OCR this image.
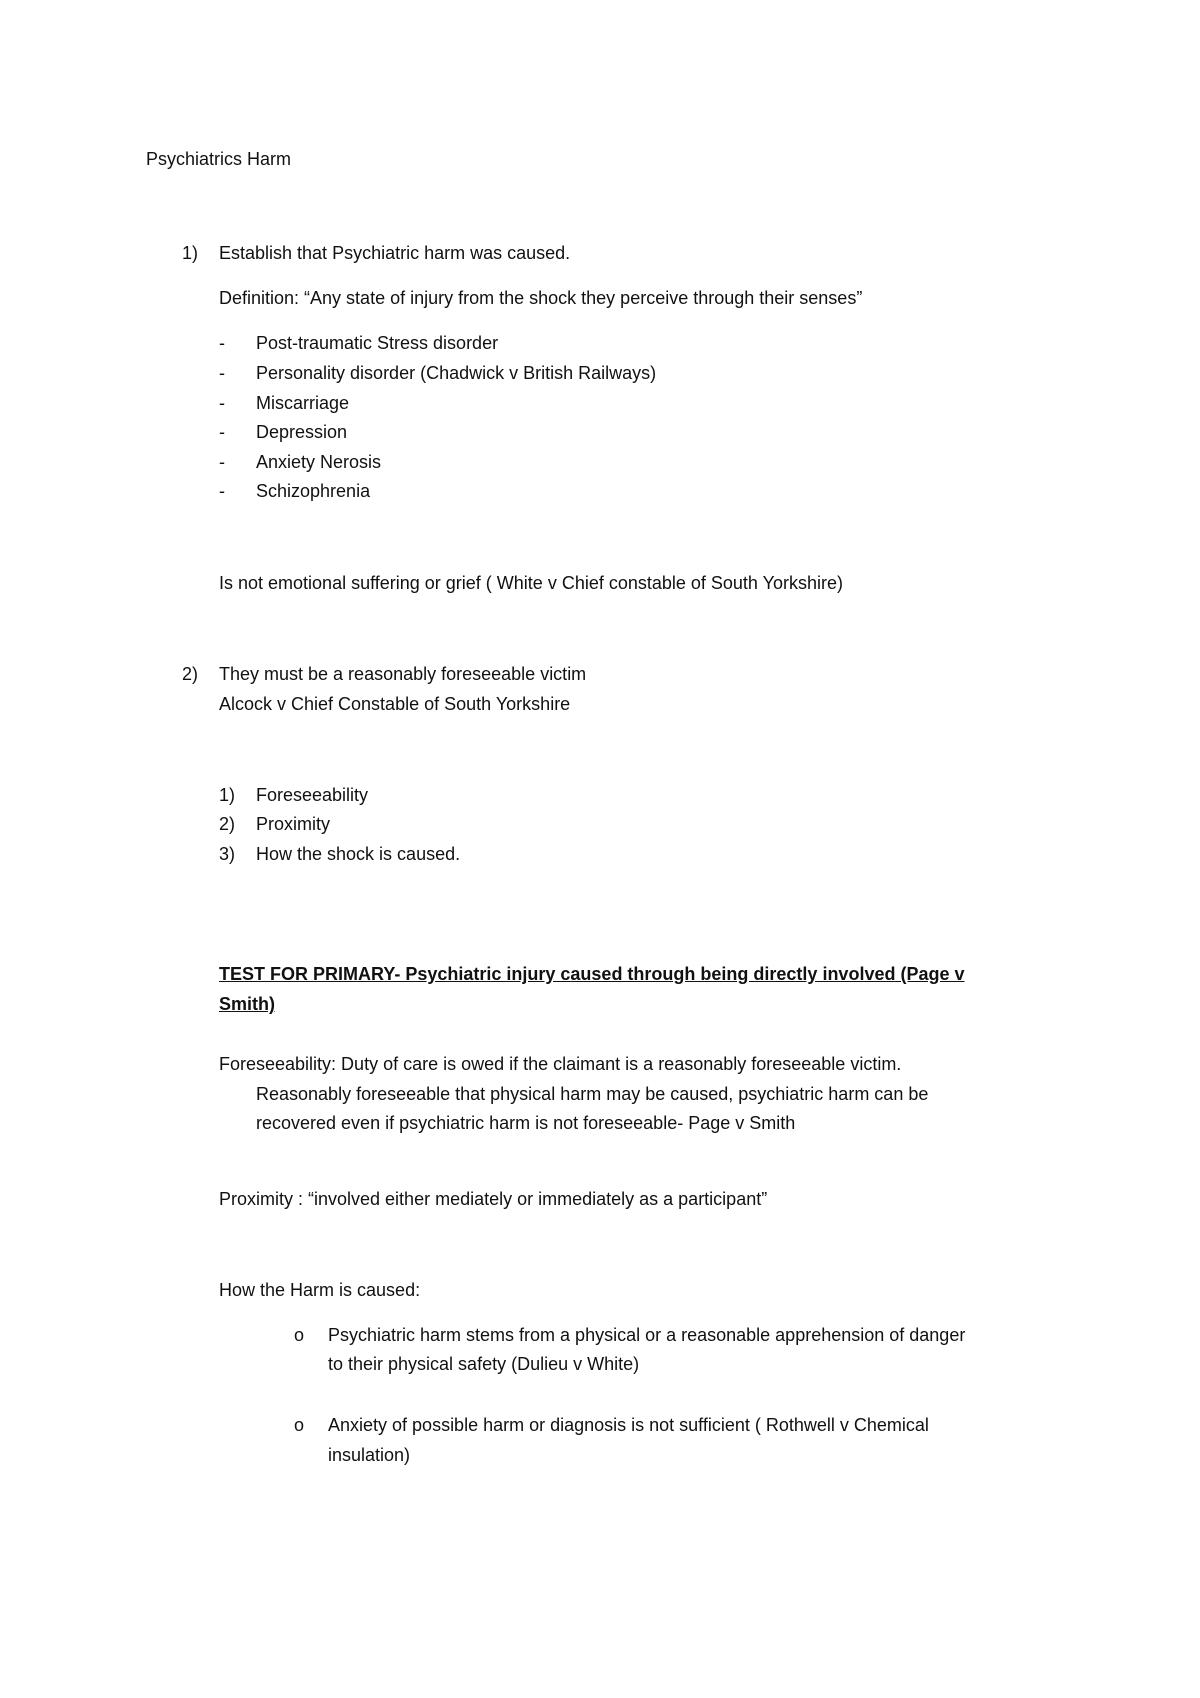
Psychiatrics Harm
1) Establish that Psychiatric harm was caused.
Definition: “Any state of injury from the shock they perceive through their senses”
- Post-traumatic Stress disorder
- Personality disorder (Chadwick v British Railways)
- Miscarriage
- Depression
- Anxiety Nerosis
- Schizophrenia
Is not emotional suffering or grief ( White v Chief constable of South Yorkshire)
2) They must be a reasonably foreseeable victim
Alcock v Chief Constable of South Yorkshire
1) Foreseeability
2) Proximity
3) How the shock is caused.
TEST FOR PRIMARY- Psychiatric injury caused through being directly involved (Page v
Smith)
Foreseeability: Duty of care is owed if the claimant is a reasonably foreseeable victim.
Reasonably foreseeable that physical harm may be caused, psychiatric harm can be
recovered even if psychiatric harm is not foreseeable- Page v Smith
Proximity : “involved either mediately or immediately as a participant”
How the Harm is caused:
o Psychiatric harm stems from a physical or a reasonable apprehension of danger
to their physical safety (Dulieu v White)
o Anxiety of possible harm or diagnosis is not sufficient ( Rothwell v Chemical
insulation)
